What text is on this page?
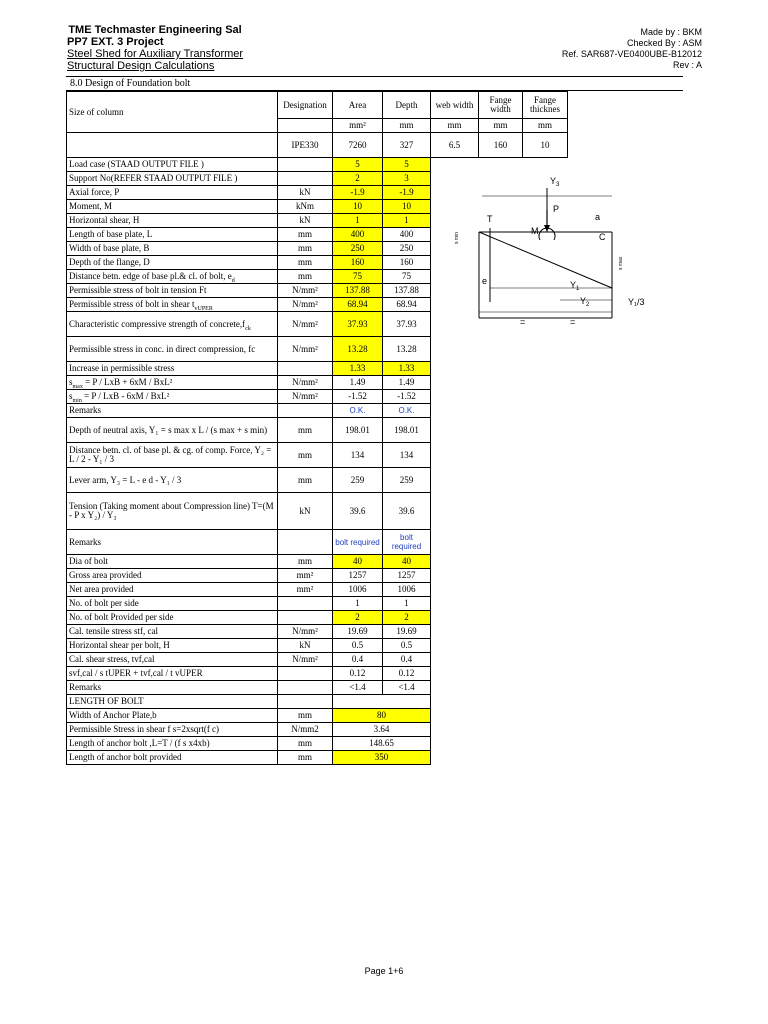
TME Techmaster Engineering Sal
PP7 EXT. 3 Project
Steel Shed for Auxiliary Transformer
Structural Design Calculations
Made by : BKM
Checked By : ASM
Ref. SAR687-VE0400UBE-B12012
Rev : A
8.0 Design of Foundation bolt
Size of column	Designation	Area	Depth	web width	Fange width	Fange thicknes
		mm²	mm	mm	mm	mm
	IPE330	7260	327	6.5	160	10
Load case (STAAD OUTPUT FILE )		5	5			
Support No(REFER STAAD OUTPUT FILE )		2	3			
Axial force, P	kN	-1.9	-1.9			
Moment, M	kNm	10	10			
Horizontal shear, H	kN	1	1			
Length of base plate, L	mm	400	400			
Width of base plate, B	mm	250	250			
Depth of the flange, D	mm	160	160			
Distance betn. edge of base pl.& cl. of bolt, $e_d$	mm	75	75			
Permissible stress of bolt in tension Ft	N/mm²	137.88	137.88			
Permissible stress of bolt in shear $t_{vUPER}$	N/mm²	68.94	68.94			
Characteristic compressive strength of $concrete,f_{ck}$	N/mm²	37.93	37.93			
Permissible stress in conc. in direct compression, fc	N/mm²	13.28	13.28			
Increase in permissible stress		1.33	1.33			
$s_{max} = P$ / LxB + 6xM / BxL²	N/mm²	1.49	1.49			
$s_{min} = P$ / LxB - 6xM / BxL²	N/mm²	-1.52	-1.52			
Remarks		O.K.	O.K.			
Depth of neutral axis, Y₁ = s max x L / (s max + s min)	mm	198.01	198.01			
Distance betn. cl. of base pl. & cg. of comp. Force, Y₂ = L / 2 - Y₁ / 3	mm	134	134			
Lever arm, Y₃ = L - e d - Y₁ / 3	mm	259	259			
Tension (Taking moment about Compression line) T=(M - P x Y₂) / Y₃	kN	39.6	39.6			
Remarks		bolt required	bolt required			
Dia of bolt	mm	40	40			
Gross area provided	mm²	1257	1257			
Net area provided	mm²	1006	1006			
No. of bolt per side		1	1			
No. of bolt Provided per side		2	2			
Cal. tensile stress stf, cal	N/mm²	19.69	19.69			
Horizontal shear per bolt, H	kN	0.5	0.5			
Cal. shear stress, tvf,cal	N/mm²	0.4	0.4			
svf,cal / s tUPER + tvf,cal / t vUPER		0.12	0.12			
Remarks		<1.4	<1.4			
LENGTH OF BOLT						
Width of Anchor Plate,b	mm	80				
Permissible Stress in shear f s=2xsqrt(f c)	N/mm2	3.64				
Length of anchor bolt ,L=T / (f s x4xb)	mm	148.65				
Length of anchor bolt provided	mm	350				
$Y_3$
P
T
M
a
C
e	$Y_1$
$Y_2$	Y₁/3
=	=
s min
s max
Page 1+6
